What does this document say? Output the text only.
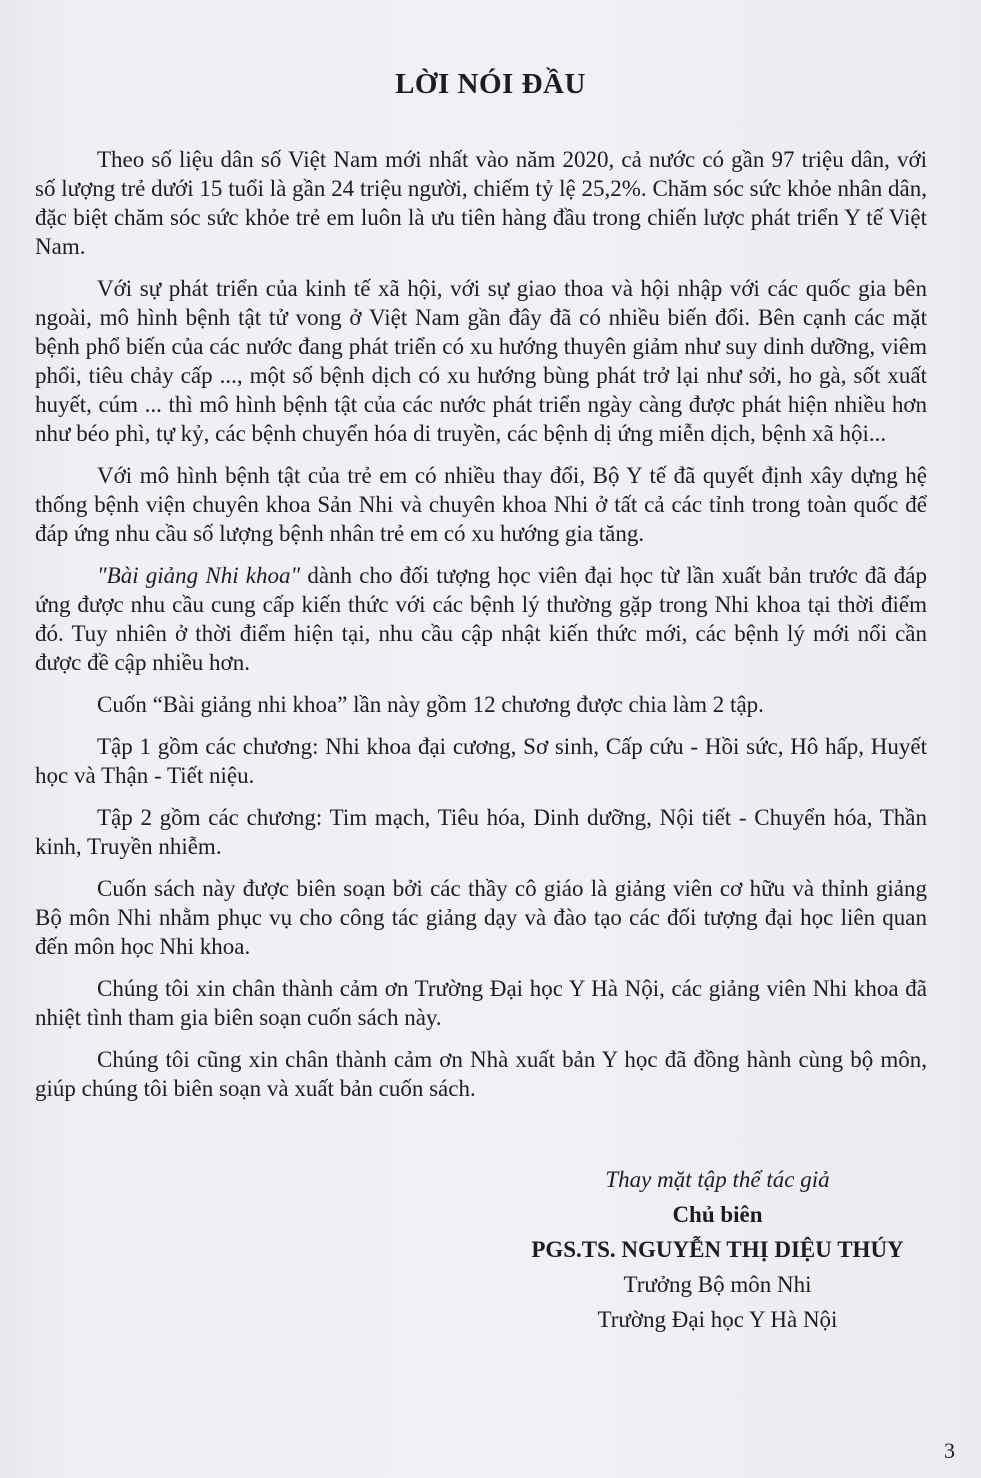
LỜI NÓI ĐẦU

Theo số liệu dân số Việt Nam mới nhất vào năm 2020, cả nước có gần 97 triệu dân, với số lượng trẻ dưới 15 tuổi là gần 24 triệu người, chiếm tỷ lệ 25,2%. Chăm sóc sức khỏe nhân dân, đặc biệt chăm sóc sức khỏe trẻ em luôn là ưu tiên hàng đầu trong chiến lược phát triển Y tế Việt Nam.

Với sự phát triển của kinh tế xã hội, với sự giao thoa và hội nhập với các quốc gia bên ngoài, mô hình bệnh tật tử vong ở Việt Nam gần đây đã có nhiều biến đổi. Bên cạnh các mặt bệnh phổ biến của các nước đang phát triển có xu hướng thuyên giảm như suy dinh dưỡng, viêm phổi, tiêu chảy cấp ..., một số bệnh dịch có xu hướng bùng phát trở lại như sởi, ho gà, sốt xuất huyết, cúm ... thì mô hình bệnh tật của các nước phát triển ngày càng được phát hiện nhiều hơn như béo phì, tự kỷ, các bệnh chuyển hóa di truyền, các bệnh dị ứng miễn dịch, bệnh xã hội...

Với mô hình bệnh tật của trẻ em có nhiều thay đổi, Bộ Y tế đã quyết định xây dựng hệ thống bệnh viện chuyên khoa Sản Nhi và chuyên khoa Nhi ở tất cả các tỉnh trong toàn quốc để đáp ứng nhu cầu số lượng bệnh nhân trẻ em có xu hướng gia tăng.

"Bài giảng Nhi khoa" dành cho đối tượng học viên đại học từ lần xuất bản trước đã đáp ứng được nhu cầu cung cấp kiến thức với các bệnh lý thường gặp trong Nhi khoa tại thời điểm đó. Tuy nhiên ở thời điểm hiện tại, nhu cầu cập nhật kiến thức mới, các bệnh lý mới nổi cần được đề cập nhiều hơn.

Cuốn “Bài giảng nhi khoa” lần này gồm 12 chương được chia làm 2 tập.

Tập 1 gồm các chương: Nhi khoa đại cương, Sơ sinh, Cấp cứu - Hồi sức, Hô hấp, Huyết học và Thận - Tiết niệu.

Tập 2 gồm các chương: Tim mạch, Tiêu hóa, Dinh dưỡng, Nội tiết - Chuyển hóa, Thần kinh, Truyền nhiễm.

Cuốn sách này được biên soạn bởi các thầy cô giáo là giảng viên cơ hữu và thỉnh giảng Bộ môn Nhi nhằm phục vụ cho công tác giảng dạy và đào tạo các đối tượng đại học liên quan đến môn học Nhi khoa.

Chúng tôi xin chân thành cảm ơn Trường Đại học Y Hà Nội, các giảng viên Nhi khoa đã nhiệt tình tham gia biên soạn cuốn sách này.

Chúng tôi cũng xin chân thành cảm ơn Nhà xuất bản Y học đã đồng hành cùng bộ môn, giúp chúng tôi biên soạn và xuất bản cuốn sách.

Thay mặt tập thể tác giả
Chủ biên
PGS.TS. NGUYỄN THỊ DIỆU THÚY
Trưởng Bộ môn Nhi
Trường Đại học Y Hà Nội
3
